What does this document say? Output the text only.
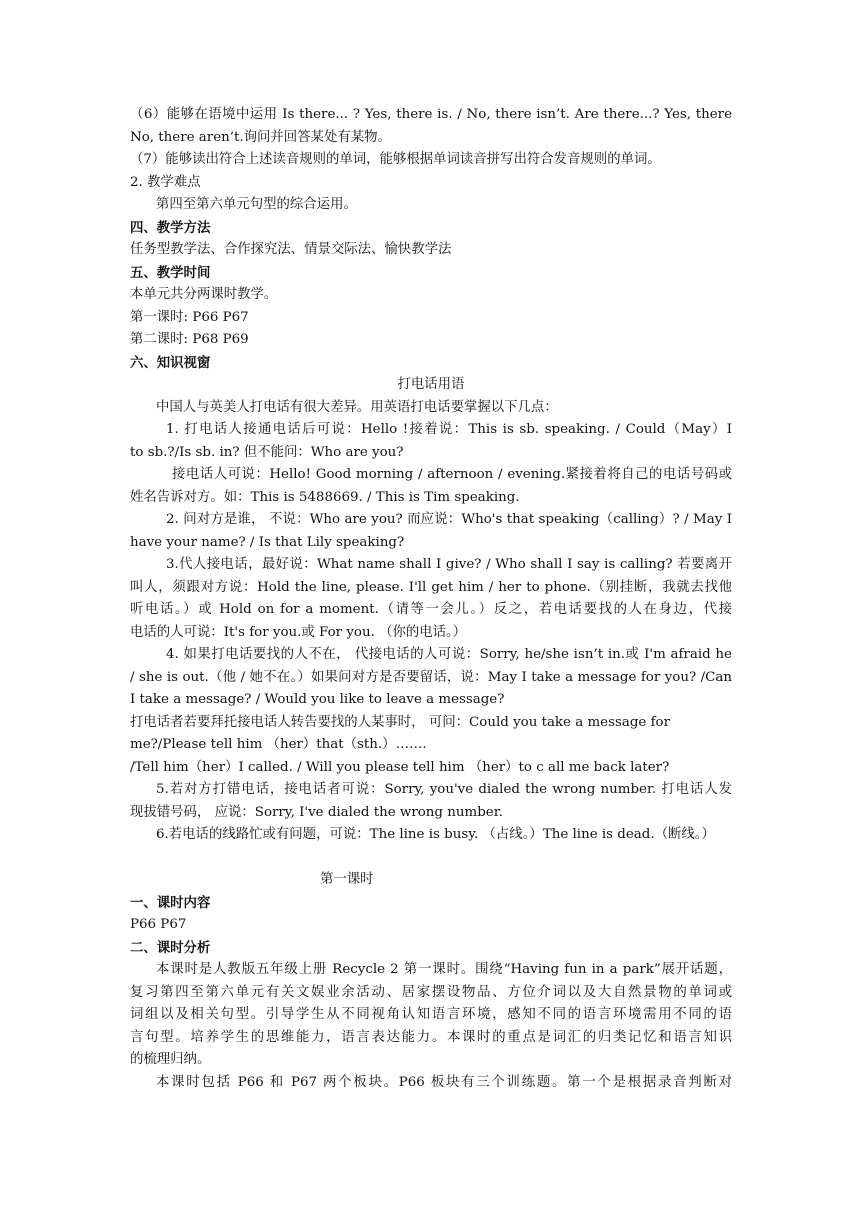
（6）能够在语境中运用 Is there... ? Yes, there is. / No, there isn’t. Are there...? Yes, there
No, there aren’t.询问并回答某处有某物。
（7）能够读出符合上述读音规则的单词，能够根据单词读音拼写出符合发音规则的单词。
2. 教学难点
第四至第六单元句型的综合运用。
四、教学方法
任务型教学法、合作探究法、情景交际法、愉快教学法
五、教学时间
本单元共分两课时教学。
第一课时: P66 P67
第二课时: P68 P69
六、知识视窗
打电话用语
中国人与英美人打电话有很大差异。用英语打电话要掌握以下几点：
1. 打电话人接通电话后可说：Hello !接着说：This is sb. speaking. / Could（May）I
to sb.?/Is sb. in? 但不能问：Who are you?
接电话人可说：Hello! Good morning / afternoon / evening.紧接着将自己的电话号码或
姓名告诉对方。如：This is 5488669. / This is Tim speaking.
2. 问对方是谁， 不说：Who are you? 而应说：Who's that speaking（calling）? / May I
have your name? / Is that Lily speaking?
3.代人接电话，最好说：What name shall I give? / Who shall I say is calling? 若要离开
叫人，须跟对方说：Hold the line, please. I'll get him / her to phone.（别挂断，我就去找他
听电话。）或 Hold on for a moment.（请等一会儿。）反之，若电话要找的人在身边，代接
电话的人可说：It's for you.或 For you. （你的电话。）
4. 如果打电话要找的人不在， 代接电话的人可说：Sorry, he/she isn’t in.或 I'm afraid he
/ she is out.（他 / 她不在。）如果问对方是否要留话，说：May I take a message for you? /Can
I take a message? / Would you like to leave a message?
打电话者若要拜托接电话人转告要找的人某事时， 可问：Could you take a message for
me?/Please tell him （her）that（sth.）…….
/Tell him（her）I called. / Will you please tell him （her）to c all me back later?
5.若对方打错电话，接电话者可说：Sorry, you've dialed the wrong number. 打电话人发
现拔错号码， 应说：Sorry, I've dialed the wrong number.
6.若电话的线路忙或有问题，可说：The line is busy. （占线。）The line is dead.（断线。）
第一课时
一、课时内容
P66 P67
二、课时分析
本课时是人教版五年级上册 Recycle 2 第一课时。围绕“Having fun in a park”展开话题，
复习第四至第六单元有关文娱业余活动、居家摆设物品、方位介词以及大自然景物的单词或
词组以及相关句型。引导学生从不同视角认知语言环境，感知不同的语言环境需用不同的语
言句型。培养学生的思维能力，语言表达能力。本课时的重点是词汇的归类记忆和语言知识
的梳理归纳。
本课时包括 P66 和 P67 两个板块。P66 板块有三个训练题。第一个是根据录音判断对
